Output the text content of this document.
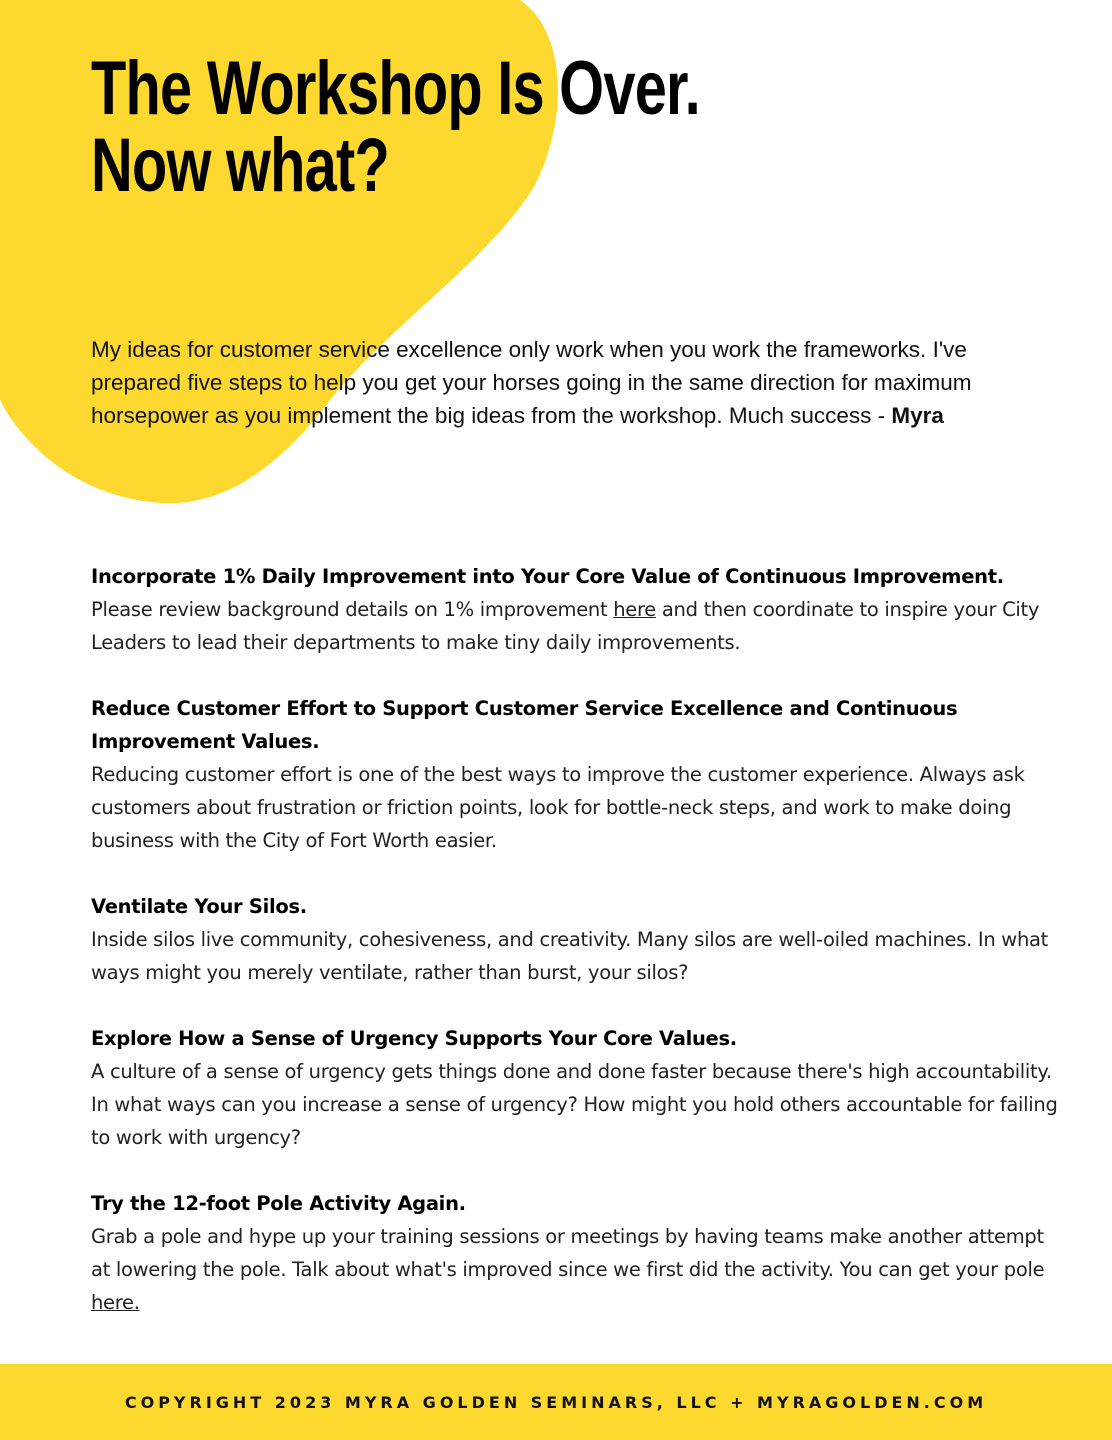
The Workshop Is Over.
Now what?

My ideas for customer service excellence only work when you work the frameworks. I've prepared five steps to help you get your horses going in the same direction for maximum horsepower as you implement the big ideas from the workshop. Much success - Myra

Incorporate 1% Daily Improvement into Your Core Value of Continuous Improvement.

Please review background details on 1% improvement here and then coordinate to inspire your City Leaders to lead their departments to make tiny daily improvements.

Reduce Customer Effort to Support Customer Service Excellence and Continuous Improvement Values.

Reducing customer effort is one of the best ways to improve the customer experience. Always ask customers about frustration or friction points, look for bottle-neck steps, and work to make doing business with the City of Fort Worth easier.

Ventilate Your Silos.

Inside silos live community, cohesiveness, and creativity. Many silos are well-oiled machines. In what ways might you merely ventilate, rather than burst, your silos?

Explore How a Sense of Urgency Supports Your Core Values.

A culture of a sense of urgency gets things done and done faster because there's high accountability. In what ways can you increase a sense of urgency? How might you hold others accountable for failing to work with urgency?

Try the 12-foot Pole Activity Again.

Grab a pole and hype up your training sessions or meetings by having teams make another attempt at lowering the pole. Talk about what's improved since we first did the activity. You can get your pole here.

COPYRIGHT 2023 MYRA GOLDEN SEMINARS, LLC + MYRAGOLDEN.COM
